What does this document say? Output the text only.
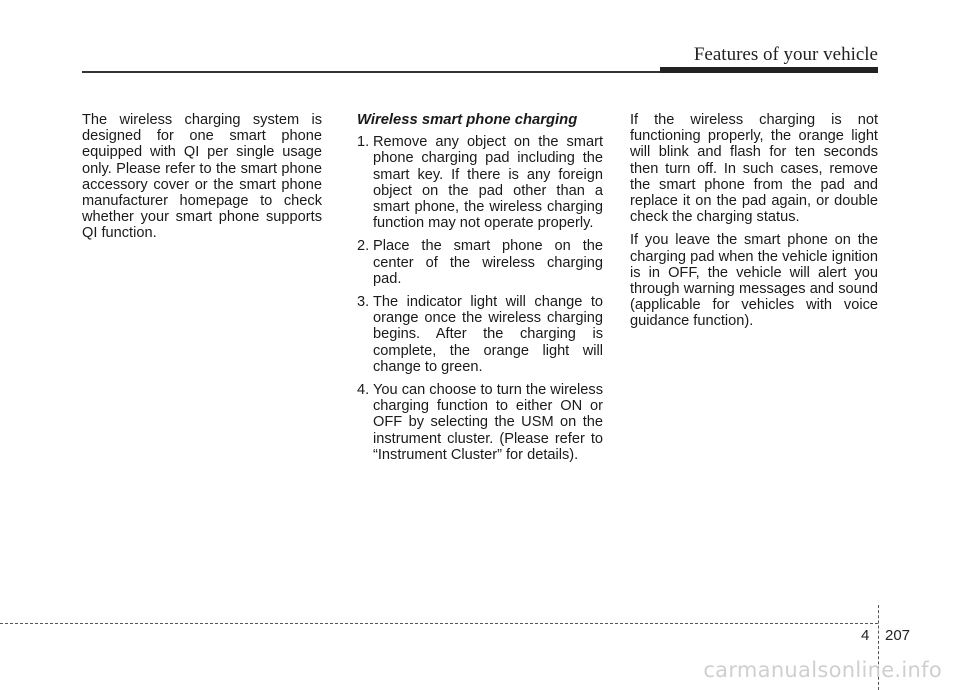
Features of your vehicle

The wireless charging system is designed for one smart phone equipped with QI per single usage only. Please refer to the smart phone accessory cover or the smart phone manufacturer homepage to check whether your smart phone supports QI function.

Wireless smart phone charging
1. Remove any object on the smart phone charging pad including the smart key. If there is any foreign object on the pad other than a smart phone, the wireless charging function may not operate properly.
2. Place the smart phone on the center of the wireless charging pad.
3. The indicator light will change to orange once the wireless charging begins. After the charging is complete, the orange light will change to green.
4. You can choose to turn the wireless charging function to either ON or OFF by selecting the USM on the instrument cluster. (Please refer to “Instrument Cluster” for details).

If the wireless charging is not functioning properly, the orange light will blink and flash for ten seconds then turn off. In such cases, remove the smart phone from the pad and replace it on the pad again, or double check the charging status.

If you leave the smart phone on the charging pad when the vehicle ignition is in OFF, the vehicle will alert you through warning messages and sound (applicable for vehicles with voice guidance function).

4 207
carmanualsonline.info
